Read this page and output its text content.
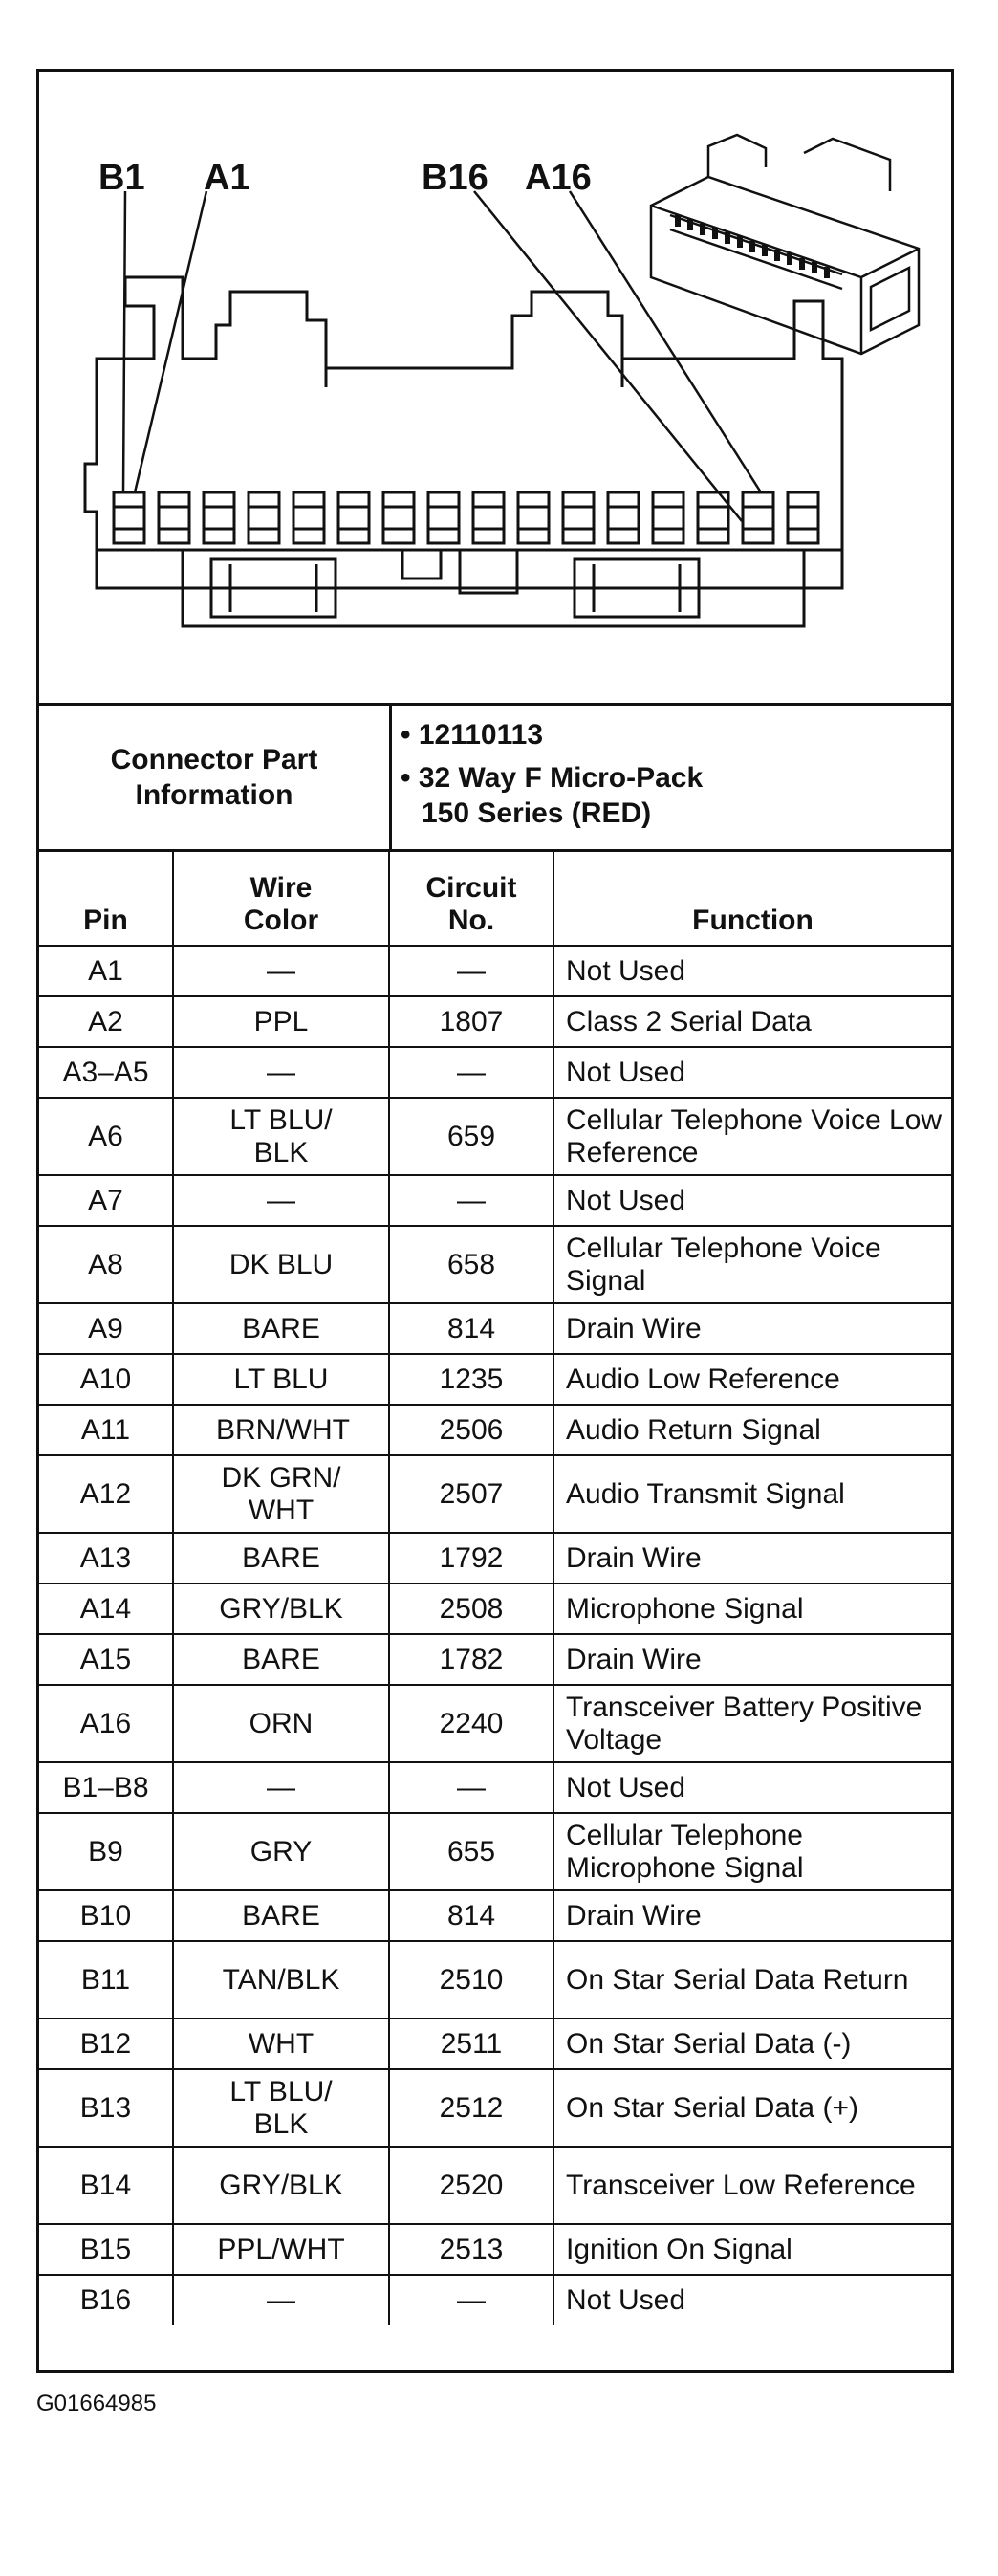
B1 A1	B16 A16
Connector Part Information
• 12110113
• 32 Way F Micro-Pack
150 Series (RED)
Pin	Wire Color	Circuit No.	Function
A1	—	—	Not Used
A2	PPL	1807	Class 2 Serial Data
A3–A5	—	—	Not Used
A6	LT BLU/ BLK	659	Cellular Telephone Voice Low Reference
A7	—	—	Not Used
A8	DK BLU	658	Cellular Telephone Voice Signal
A9	BARE	814	Drain Wire
A10	LT BLU	1235	Audio Low Reference
A11	BRN/WHT	2506	Audio Return Signal
A12	DK GRN/ WHT	2507	Audio Transmit Signal
A13	BARE	1792	Drain Wire
A14	GRY/BLK	2508	Microphone Signal
A15	BARE	1782	Drain Wire
A16	ORN	2240	Transceiver Battery Positive Voltage
B1–B8	—	—	Not Used
B9	GRY	655	Cellular Telephone Microphone Signal
B10	BARE	814	Drain Wire
B11	TAN/BLK	2510	On Star Serial Data Return
B12	WHT	2511	On Star Serial Data (-)
B13	LT BLU/ BLK	2512	On Star Serial Data (+)
B14	GRY/BLK	2520	Transceiver Low Reference
B15	PPL/WHT	2513	Ignition On Signal
B16	—	—	Not Used
G01664985
